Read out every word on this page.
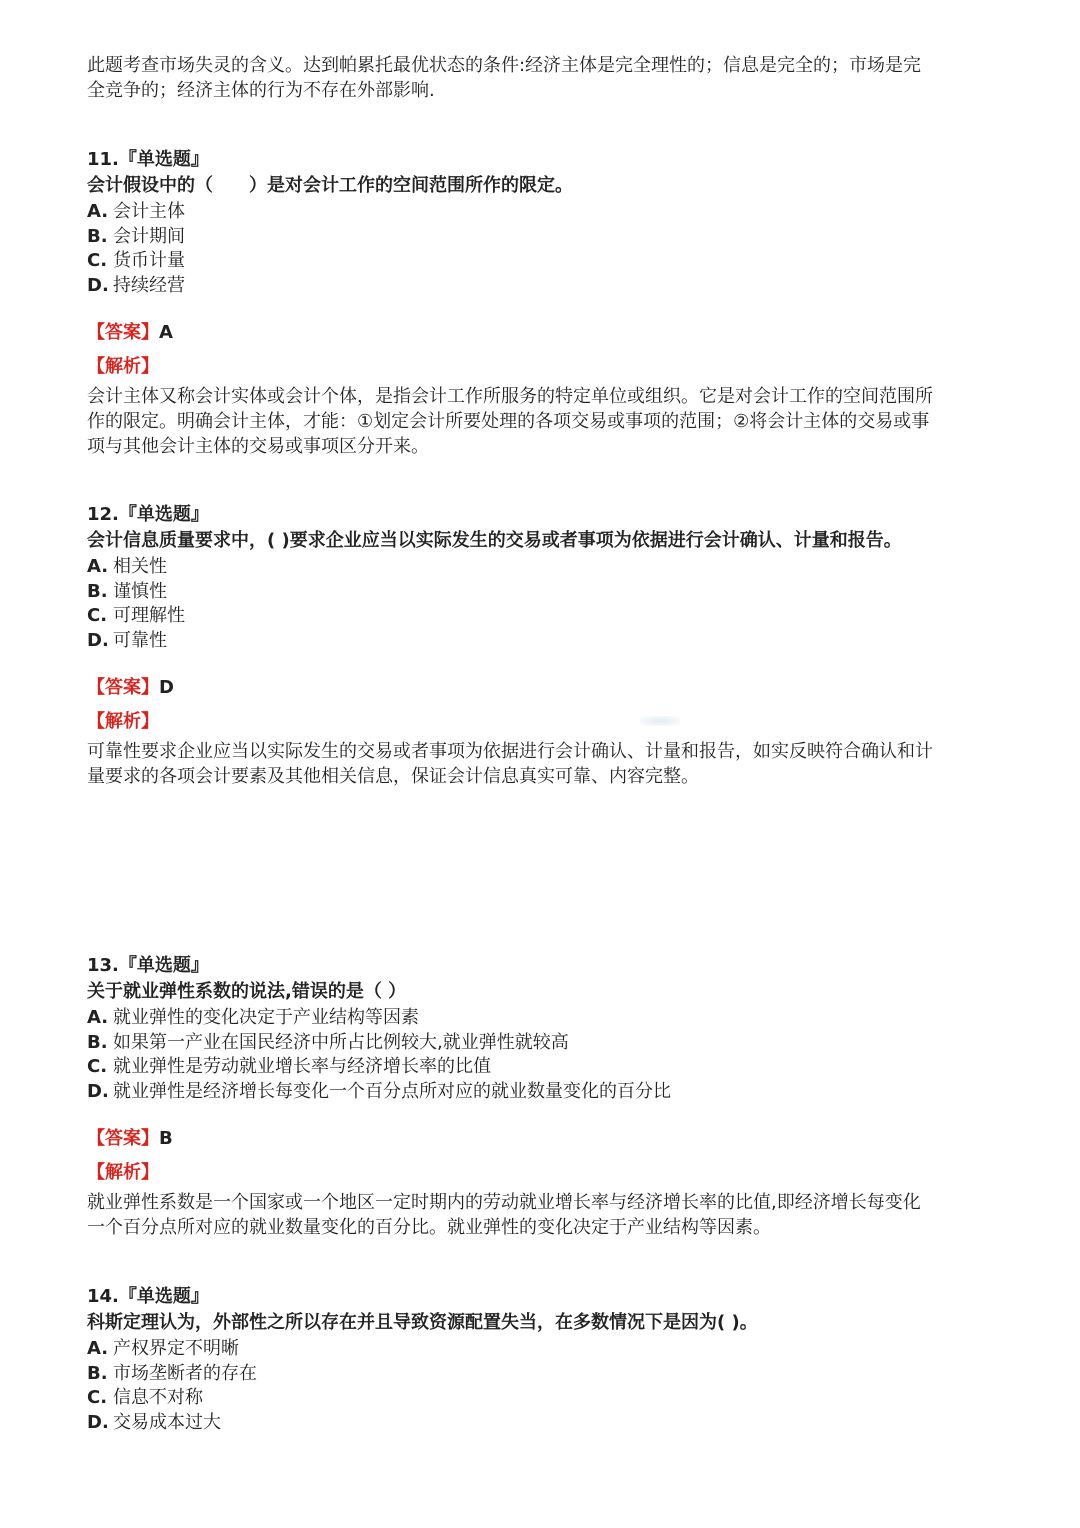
此题考查市场失灵的含义。达到帕累托最优状态的条件:经济主体是完全理性的；信息是完全的；市场是完
全竞争的；经济主体的行为不存在外部影响.
11.『单选题』
会计假设中的（　　）是对会计工作的空间范围所作的限定。
A. 会计主体
B. 会计期间
C. 货币计量
D. 持续经营
【答案】A
【解析】
会计主体又称会计实体或会计个体，是指会计工作所服务的特定单位或组织。它是对会计工作的空间范围所
作的限定。明确会计主体，才能：①划定会计所要处理的各项交易或事项的范围；②将会计主体的交易或事
项与其他会计主体的交易或事项区分开来。
12.『单选题』
会计信息质量要求中，( )要求企业应当以实际发生的交易或者事项为依据进行会计确认、计量和报告。
A. 相关性
B. 谨慎性
C. 可理解性
D. 可靠性
【答案】D
【解析】
可靠性要求企业应当以实际发生的交易或者事项为依据进行会计确认、计量和报告，如实反映符合确认和计
量要求的各项会计要素及其他相关信息，保证会计信息真实可靠、内容完整。
13.『单选题』
关于就业弹性系数的说法,错误的是（ ）
A. 就业弹性的变化决定于产业结构等因素
B. 如果第一产业在国民经济中所占比例较大,就业弹性就较高
C. 就业弹性是劳动就业增长率与经济增长率的比值
D. 就业弹性是经济增长每变化一个百分点所对应的就业数量变化的百分比
【答案】B
【解析】
就业弹性系数是一个国家或一个地区一定时期内的劳动就业增长率与经济增长率的比值,即经济增长每变化
一个百分点所对应的就业数量变化的百分比。就业弹性的变化决定于产业结构等因素。
14.『单选题』
科斯定理认为，外部性之所以存在并且导致资源配置失当，在多数情况下是因为( )。
A. 产权界定不明晰
B. 市场垄断者的存在
C. 信息不对称
D. 交易成本过大
